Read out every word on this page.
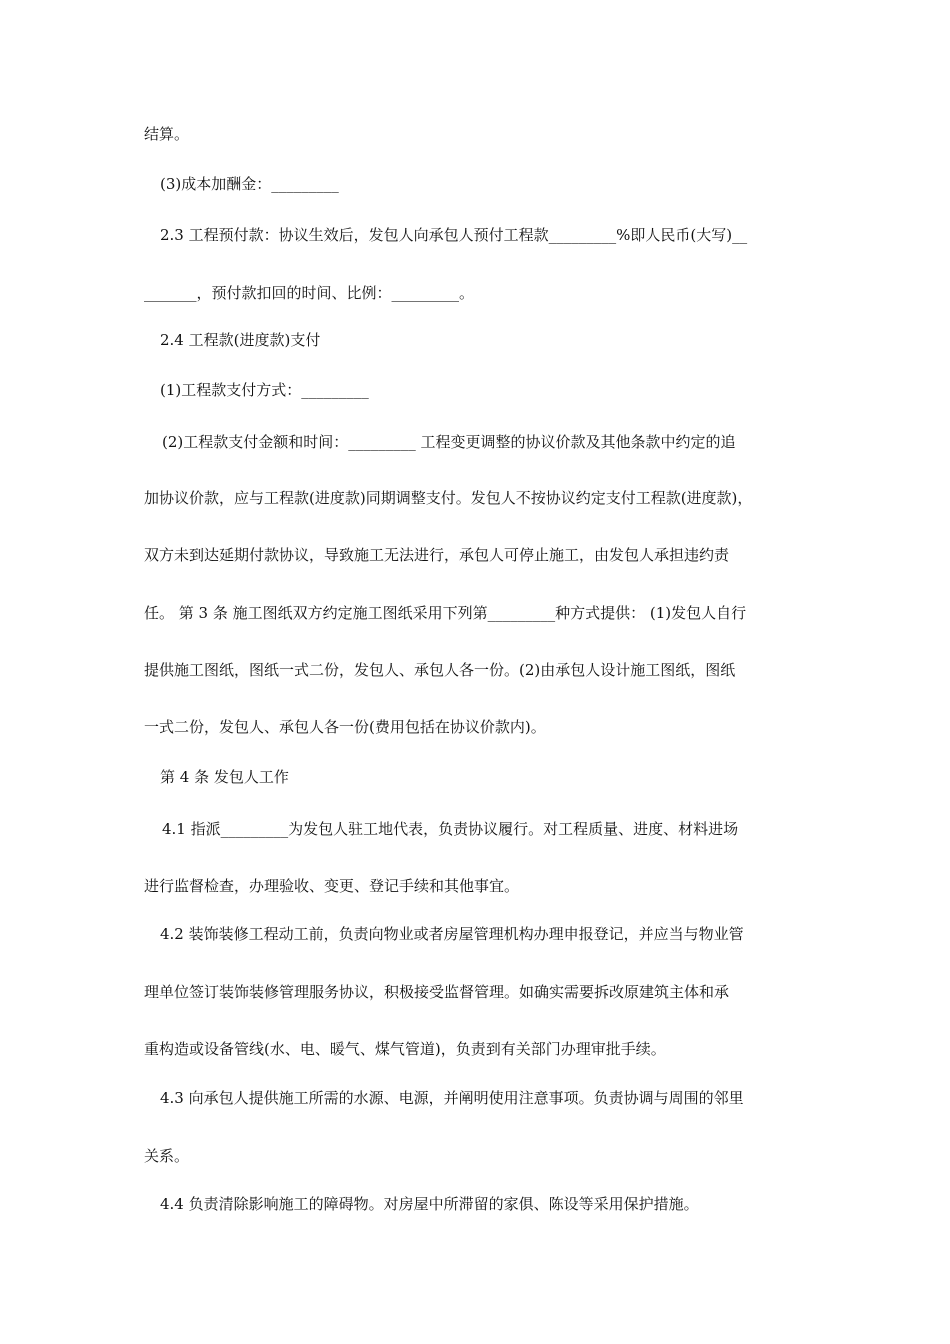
结算。
(3)成本加酬金：_________
2.3 工程预付款：协议生效后，发包人向承包人预付工程款_________%即人民币(大写)__
_______，预付款扣回的时间、比例：_________。
2.4 工程款(进度款)支付
(1)工程款支付方式：_________
(2)工程款支付金额和时间：_________ 工程变更调整的协议价款及其他条款中约定的追
加协议价款，应与工程款(进度款)同期调整支付。发包人不按协议约定支付工程款(进度款)，
双方未到达延期付款协议，导致施工无法进行，承包人可停止施工，由发包人承担违约责
任。 第 3 条 施工图纸双方约定施工图纸采用下列第_________种方式提供： (1)发包人自行
提供施工图纸，图纸一式二份，发包人、承包人各一份。(2)由承包人设计施工图纸，图纸
一式二份，发包人、承包人各一份(费用包括在协议价款内)。
第 4 条 发包人工作
4.1 指派_________为发包人驻工地代表，负责协议履行。对工程质量、进度、材料进场
进行监督检查，办理验收、变更、登记手续和其他事宜。
4.2 装饰装修工程动工前，负责向物业或者房屋管理机构办理申报登记，并应当与物业管
理单位签订装饰装修管理服务协议，积极接受监督管理。如确实需要拆改原建筑主体和承
重构造或设备管线(水、电、暖气、煤气管道)，负责到有关部门办理审批手续。
4.3 向承包人提供施工所需的水源、电源，并阐明使用注意事项。负责协调与周围的邻里
关系。
4.4 负责清除影响施工的障碍物。对房屋中所滞留的家俱、陈设等采用保护措施。
